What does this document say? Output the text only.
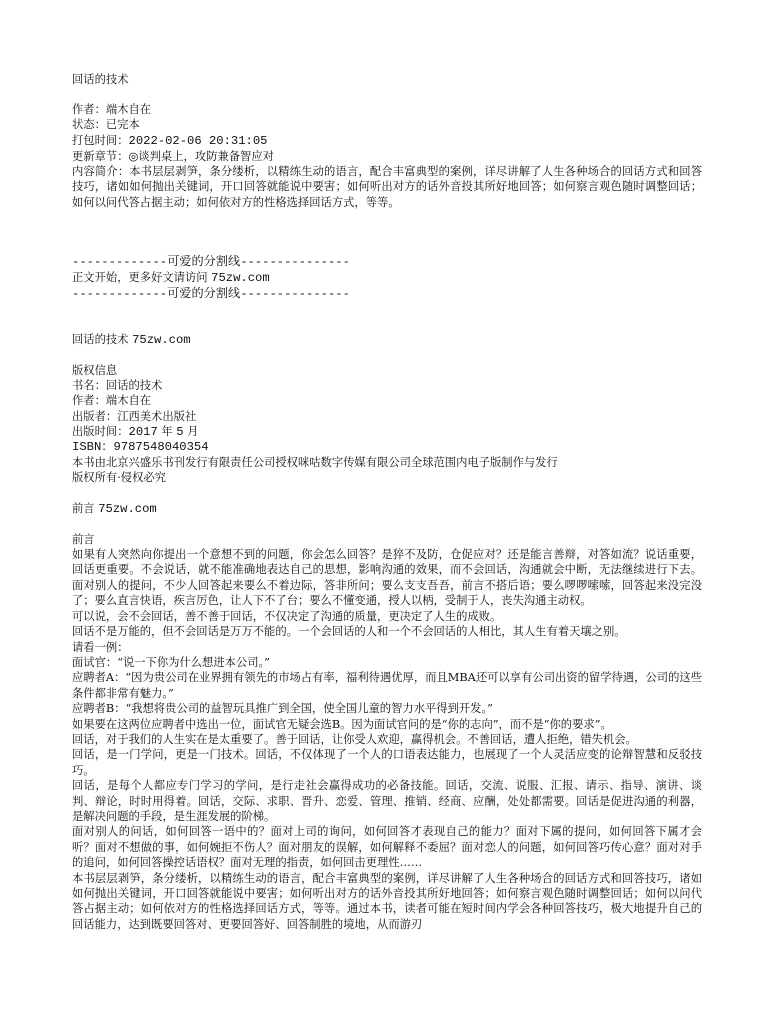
回话的技术
作者：端木自在
状态：已完本
打包时间：2022-02-06 20:31:05
更新章节：◎谈判桌上，攻防兼备智应对
内容简介：本书层层剥笋，条分缕析，以精练生动的语言，配合丰富典型的案例，详尽讲解了人生各种场合的回话方式和回答技巧，诸如如何抛出关键词，开口回答就能说中要害；如何听出对方的话外音投其所好地回答；如何察言观色随时调整回话；如何以问代答占据主动；如何依对方的性格选择回话方式，等等。
-------------可爱的分割线---------------
正文开始，更多好文请访问 75zw.com
-------------可爱的分割线---------------
回话的技术 75zw.com
版权信息
书名：回话的技术
作者：端木自在
出版者：江西美术出版社
出版时间：2017 年 5 月
ISBN：9787548040354
本书由北京兴盛乐书刊发行有限责任公司授权咪咕数字传媒有限公司全球范围内电子版制作与发行
版权所有·侵权必究
前言 75zw.com
前言
如果有人突然向你提出一个意想不到的问题，你会怎么回答？是猝不及防，仓促应对？还是能言善辩，对答如流？说话重要，回话更重要。不会说话，就不能准确地表达自己的思想，影响沟通的效果，而不会回话，沟通就会中断，无法继续进行下去。面对别人的提问，不少人回答起来要么不着边际，答非所问；要么支支吾吾，前言不搭后语；要么啰啰嗦嗦，回答起来没完没了；要么直言快语，疾言厉色，让人下不了台；要么不懂变通，授人以柄，受制于人，丧失沟通主动权。
可以说，会不会回话，善不善于回话，不仅决定了沟通的质量，更决定了人生的成败。
回话不是万能的，但不会回话是万万不能的。一个会回话的人和一个不会回话的人相比，其人生有着天壤之别。
请看一例：
面试官：“说一下你为什么想进本公司。”
应聘者A：“因为贵公司在业界拥有领先的市场占有率，福利待遇优厚，而且MBA还可以享有公司出资的留学待遇，公司的这些条件都非常有魅力。”
应聘者B：“我想将贵公司的益智玩具推广到全国，使全国儿童的智力水平得到开发。”
如果要在这两位应聘者中选出一位，面试官无疑会选B。因为面试官问的是“你的志向”，而不是“你的要求”。
回话，对于我们的人生实在是太重要了。善于回话，让你受人欢迎，赢得机会。不善回话，遭人拒绝，错失机会。
回话，是一门学问，更是一门技术。回话，不仅体现了一个人的口语表达能力，也展现了一个人灵活应变的论辩智慧和反驳技巧。
回话，是每个人都应专门学习的学问，是行走社会赢得成功的必备技能。回话，交流、说服、汇报、请示、指导、演讲、谈判、辩论，时时用得着。回话，交际、求职、晋升、恋爱、管理、推销、经商、应酬，处处都需要。回话是促进沟通的利器，是解决问题的手段，是生涯发展的阶梯。
面对别人的问话，如何回答一语中的？面对上司的询问，如何回答才表现自己的能力？面对下属的提问，如何回答下属才会听？面对不想做的事，如何婉拒不伤人？面对朋友的误解，如何解释不委屈？面对恋人的问题，如何回答巧传心意？面对对手的追问，如何回答操控话语权？面对无理的指责，如何回击更理性……
本书层层剥笋，条分缕析，以精练生动的语言，配合丰富典型的案例，详尽讲解了人生各种场合的回话方式和回答技巧，诸如如何抛出关键词，开口回答就能说中要害；如何听出对方的话外音投其所好地回答；如何察言观色随时调整回话；如何以问代答占据主动；如何依对方的性格选择回话方式，等等。通过本书，读者可能在短时间内学会各种回答技巧，极大地提升自己的回话能力，达到既要回答对、更要回答好、回答制胜的境地，从而游刃
